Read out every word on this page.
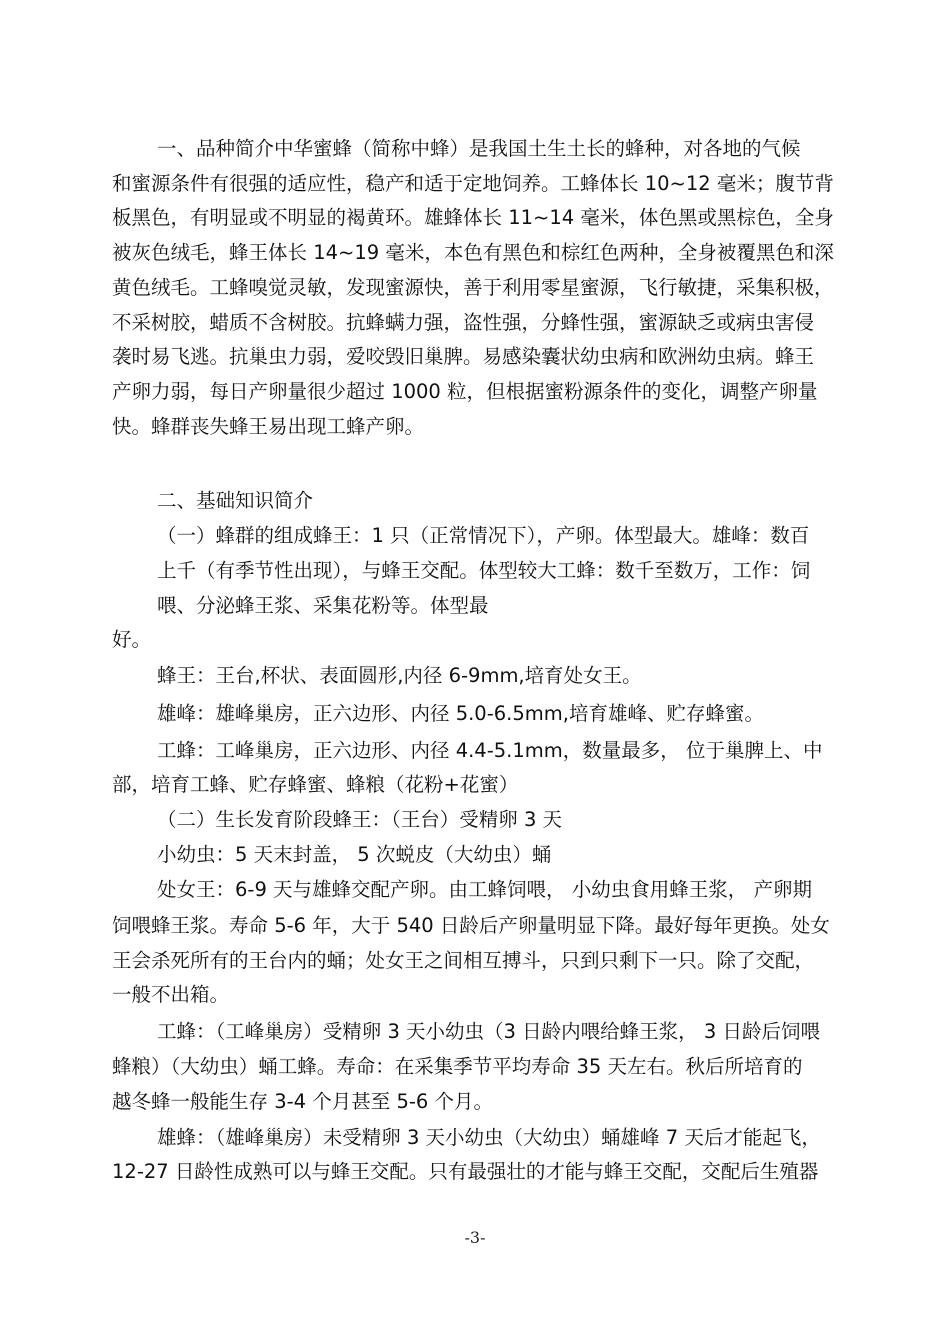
一、品种简介中华蜜蜂（简称中蜂）是我国土生土长的蜂种，对各地的气候
和蜜源条件有很强的适应性，稳产和适于定地饲养。工蜂体长 10~12 毫米；腹节背
板黑色，有明显或不明显的褐黄环。雄蜂体长 11~14 毫米，体色黑或黑棕色，全身
被灰色绒毛，蜂王体长 14~19 毫米，本色有黑色和棕红色两种，全身被覆黑色和深
黄色绒毛。工蜂嗅觉灵敏，发现蜜源快，善于利用零星蜜源，飞行敏捷，采集积极，
不采树胶，蜡质不含树胶。抗蜂螨力强，盗性强，分蜂性强，蜜源缺乏或病虫害侵
袭时易飞逃。抗巢虫力弱，爱咬毁旧巢脾。易感染囊状幼虫病和欧洲幼虫病。蜂王
产卵力弱，每日产卵量很少超过 1000 粒，但根据蜜粉源条件的变化，调整产卵量
快。蜂群丧失蜂王易出现工蜂产卵。
二、基础知识简介
（一）蜂群的组成蜂王：1 只（正常情况下），产卵。体型最大。雄峰：数百
上千（有季节性出现），与蜂王交配。体型较大工蜂：数千至数万，工作：饲
喂、分泌蜂王浆、采集花粉等。体型最
好。
蜂王：王台,杯状、表面圆形,内径 6-9mm,培育处女王。
雄峰：雄峰巢房，正六边形、内径 5.0-6.5mm,培育雄峰、贮存蜂蜜。
工蜂：工峰巢房，正六边形、内径 4.4-5.1mm，数量最多， 位于巢脾上、中
部，培育工蜂、贮存蜂蜜、蜂粮（花粉+花蜜）
（二）生长发育阶段蜂王：（王台）受精卵 3 天
小幼虫：5 天末封盖， 5 次蜕皮（大幼虫）蛹
处女王：6-9 天与雄蜂交配产卵。由工蜂饲喂， 小幼虫食用蜂王浆， 产卵期
饲喂蜂王浆。寿命 5-6 年，大于 540 日龄后产卵量明显下降。最好每年更换。处女
王会杀死所有的王台内的蛹；处女王之间相互搏斗，只到只剩下一只。除了交配，
一般不出箱。
工蜂：（工峰巢房）受精卵 3 天小幼虫（3 日龄内喂给蜂王浆， 3 日龄后饲喂
蜂粮）（大幼虫）蛹工蜂。寿命：在采集季节平均寿命 35 天左右。秋后所培育的
越冬蜂一般能生存 3-4 个月甚至 5-6 个月。
雄蜂：（雄峰巢房）未受精卵 3 天小幼虫（大幼虫）蛹雄峰 7 天后才能起飞，
12-27 日龄性成熟可以与蜂王交配。只有最强壮的才能与蜂王交配，交配后生殖器
-3-
